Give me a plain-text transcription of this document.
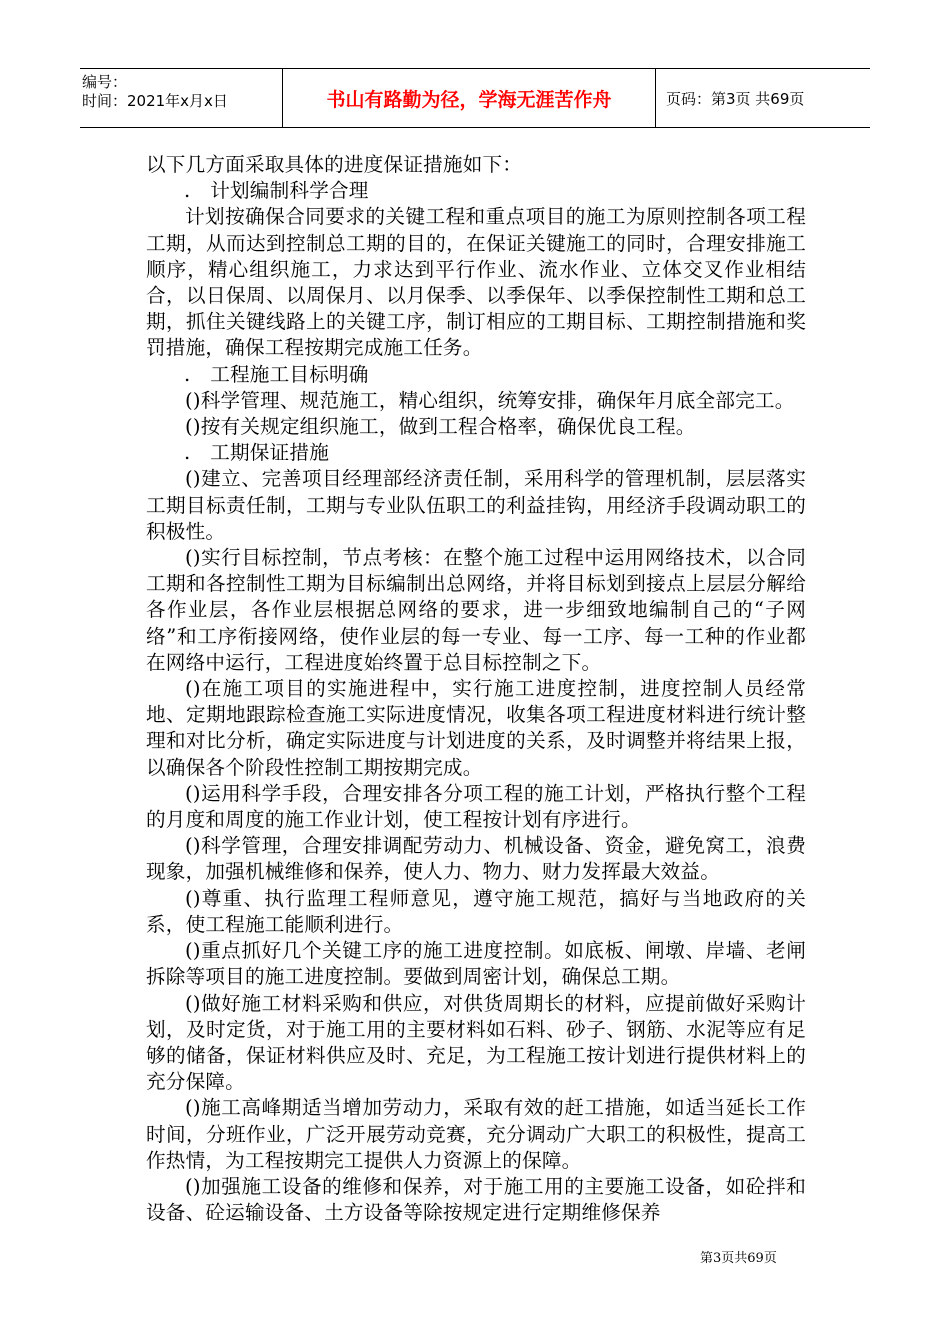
编号：
时间：2021年x月x日	书山有路勤为径，学海无涯苦作舟	页码：第3页 共69页

以下几方面采取具体的进度保证措施如下：

.　计划编制科学合理

计划按确保合同要求的关键工程和重点项目的施工为原则控制各项工程工期，从而达到控制总工期的目的，在保证关键施工的同时，合理安排施工顺序，精心组织施工，力求达到平行作业、流水作业、立体交叉作业相结合，以日保周、以周保月、以月保季、以季保年、以季保控制性工期和总工期，抓住关键线路上的关键工序，制订相应的工期目标、工期控制措施和奖罚措施，确保工程按期完成施工任务。

.　工程施工目标明确

()科学管理、规范施工，精心组织，统筹安排，确保年月底全部完工。

()按有关规定组织施工，做到工程合格率，确保优良工程。

.　工期保证措施

()建立、完善项目经理部经济责任制，采用科学的管理机制，层层落实工期目标责任制，工期与专业队伍职工的利益挂钩，用经济手段调动职工的积极性。

()实行目标控制，节点考核：在整个施工过程中运用网络技术，以合同工期和各控制性工期为目标编制出总网络，并将目标划到接点上层层分解给各作业层，各作业层根据总网络的要求，进一步细致地编制自己的“子网络”和工序衔接网络，使作业层的每一专业、每一工序、每一工种的作业都在网络中运行，工程进度始终置于总目标控制之下。

()在施工项目的实施进程中，实行施工进度控制，进度控制人员经常地、定期地跟踪检查施工实际进度情况，收集各项工程进度材料进行统计整理和对比分析，确定实际进度与计划进度的关系，及时调整并将结果上报，以确保各个阶段性控制工期按期完成。

()运用科学手段，合理安排各分项工程的施工计划，严格执行整个工程的月度和周度的施工作业计划，使工程按计划有序进行。

()科学管理，合理安排调配劳动力、机械设备、资金，避免窝工，浪费现象，加强机械维修和保养，使人力、物力、财力发挥最大效益。

()尊重、执行监理工程师意见，遵守施工规范，搞好与当地政府的关系，使工程施工能顺利进行。

()重点抓好几个关键工序的施工进度控制。如底板、闸墩、岸墙、老闸拆除等项目的施工进度控制。要做到周密计划，确保总工期。

()做好施工材料采购和供应，对供货周期长的材料，应提前做好采购计划，及时定货，对于施工用的主要材料如石料、砂子、钢筋、水泥等应有足够的储备，保证材料供应及时、充足，为工程施工按计划进行提供材料上的充分保障。

()施工高峰期适当增加劳动力，采取有效的赶工措施，如适当延长工作时间，分班作业，广泛开展劳动竞赛，充分调动广大职工的积极性，提高工作热情，为工程按期完工提供人力资源上的保障。

()加强施工设备的维修和保养，对于施工用的主要施工设备，如砼拌和设备、砼运输设备、土方设备等除按规定进行定期维修保养

第3页共69页
